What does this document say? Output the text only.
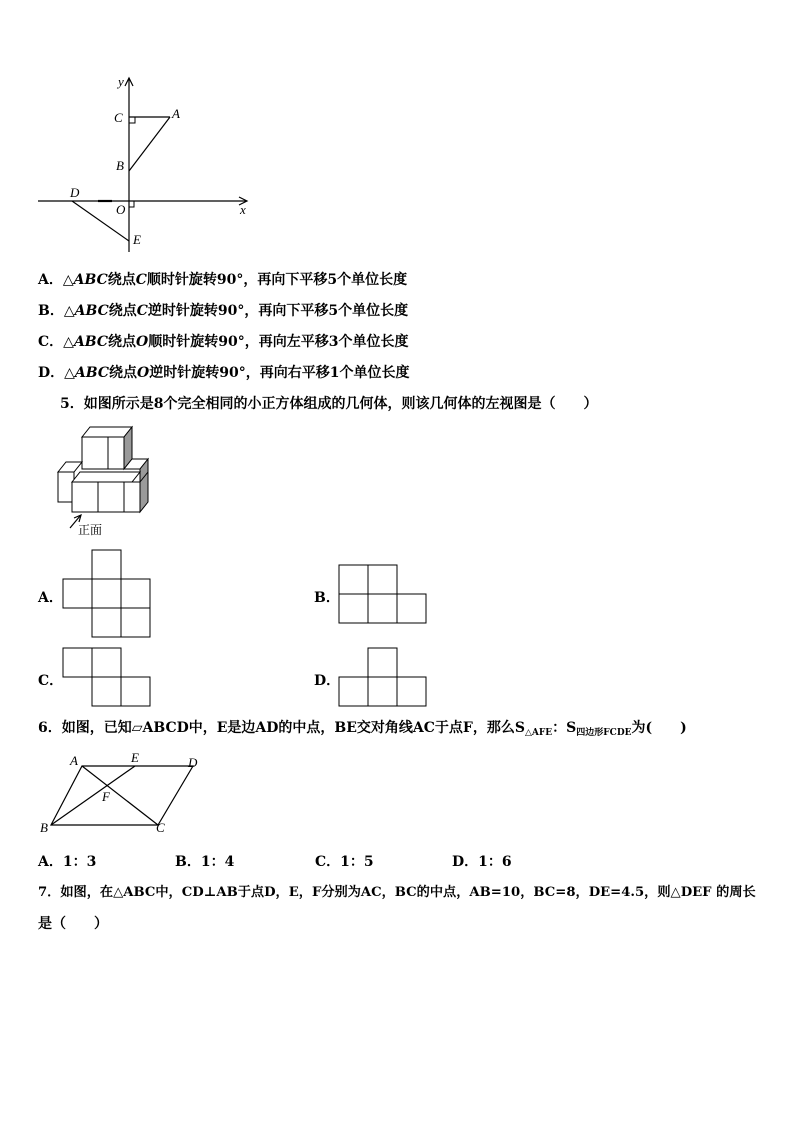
y
x
A
C
B
D
O
E
A．△ABC绕点C顺时针旋转90°，再向下平移5个单位长度
B．△ABC绕点C逆时针旋转90°，再向下平移5个单位长度
C．△ABC绕点O顺时针旋转90°，再向左平移3个单位长度
D．△ABC绕点O逆时针旋转90°，再向右平移1个单位长度
5．如图所示是8个完全相同的小正方体组成的几何体，则该几何体的左视图是（　　）
正面
A．	B．
C．	D．
6．如图，已知▱ABCD中，E是边AD的中点，BE交对角线AC于点F，那么$S_{\triangle AFE}$：$S_{四边形FCDE}$为(　　)
A	E	D
F
B	C
A．1：3	B．1：4	C．1：5	D．1：6
7．如图，在△ABC中，CD⊥AB于点D，E，F分别为AC，BC的中点，AB=10，BC=8，DE=4.5，则△DEF 的周长
是（　　）
